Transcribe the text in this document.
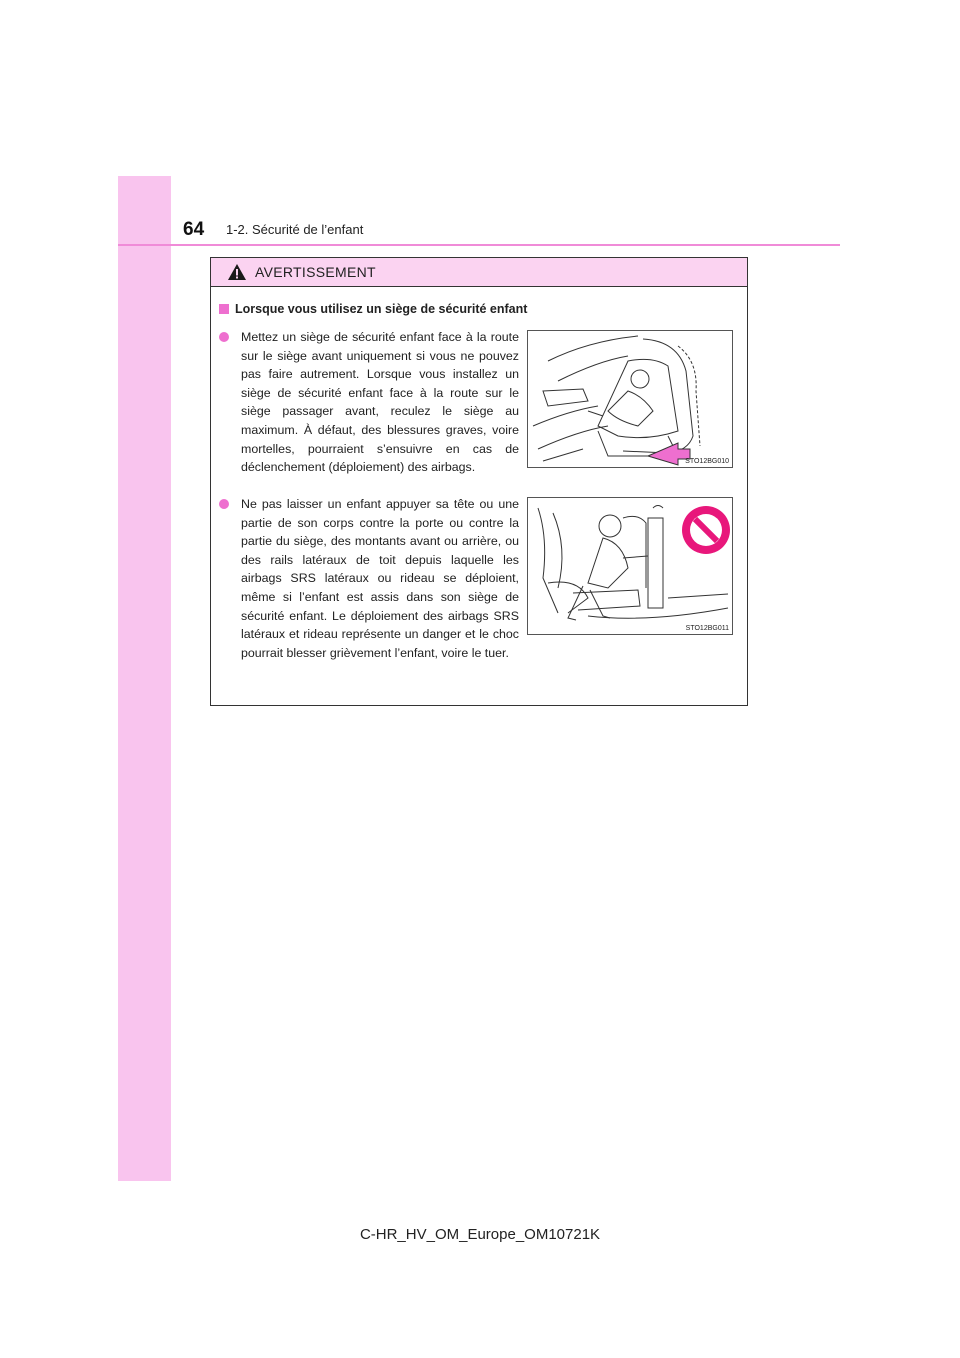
64 1-2. Sécurité de l’enfant
AVERTISSEMENT
Lorsque vous utilisez un siège de sécurité enfant
Mettez un siège de sécurité enfant face à la route sur le siège avant uniquement si vous ne pouvez pas faire autrement. Lorsque vous installez un siège de sécurité enfant face à la route sur le siège passager avant, reculez le siège au maximum. À défaut, des blessures graves, voire mortelles, pourraient s’ensuivre en cas de déclenchement (déploiement) des airbags.	STO12BG010
Ne pas laisser un enfant appuyer sa tête ou une partie de son corps contre la porte ou contre la partie du siège, des montants avant ou arrière, ou des rails latéraux de toit depuis laquelle les airbags SRS latéraux ou rideau se déploient, même si l’enfant est assis dans son siège de sécurité enfant. Le déploiement des airbags SRS latéraux et rideau représente un danger et le choc pourrait blesser grièvement l’enfant, voire le tuer.
STO12BG011
C-HR_HV_OM_Europe_OM10721K
